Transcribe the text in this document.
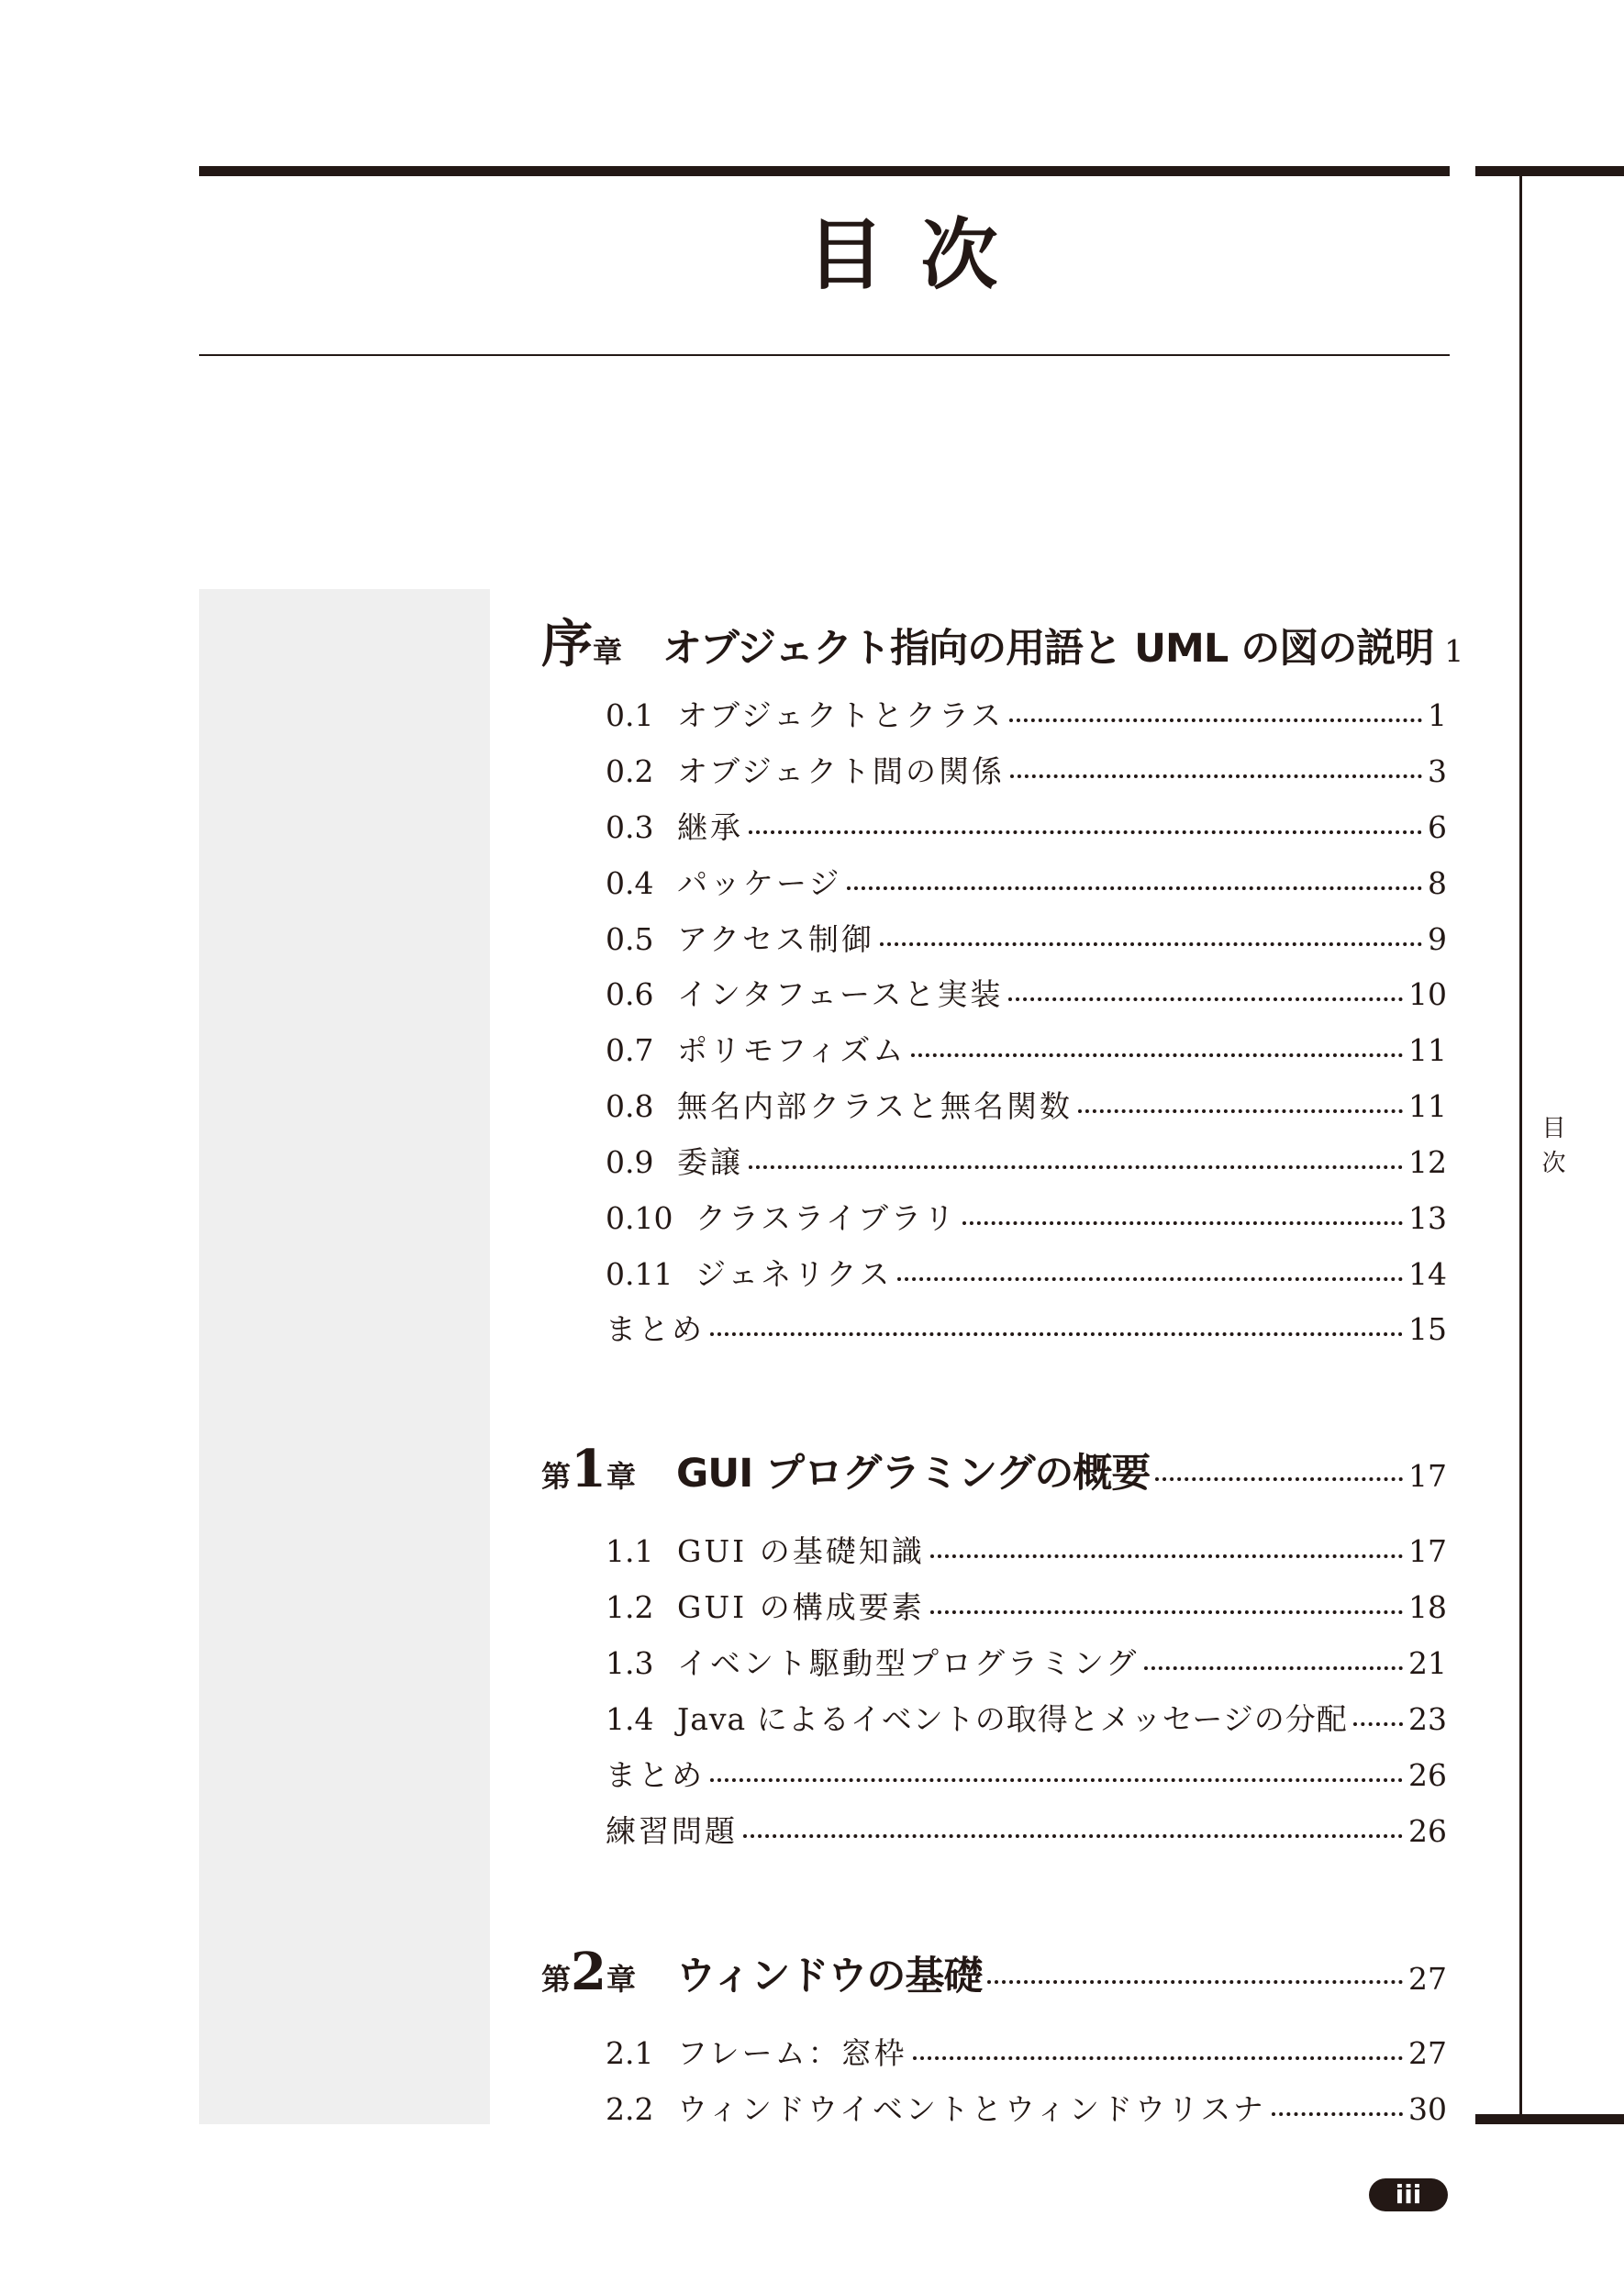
目次
目次
序 章 オブジェクト指向の用語と UML の図の説明 1
0.1 オブジェクトとクラス	1
0.2 オブジェクト間の関係	3
0.3 継承	6
0.4 パッケージ	8
0.5 アクセス制御	9
0.6 インタフェースと実装	10
0.7 ポリモフィズム	11
0.8 無名内部クラスと無名関数	11
0.9 委譲	12
0.10 クラスライブラリ	13
0.11 ジェネリクス	14
まとめ	15
第 1 章 GUI プログラミングの概要	17
1.1 GUI の基礎知識	17
1.2 GUI の構成要素	18
1.3 イベント駆動型プログラミング	21
1.4 Java によるイベントの取得とメッセージの分配 23
まとめ	26
練習問題	26
第 2 章 ウィンドウの基礎	27
2.1 フレーム：窓枠	27
2.2 ウィンドウイベントとウィンドウリスナ	30
iii
